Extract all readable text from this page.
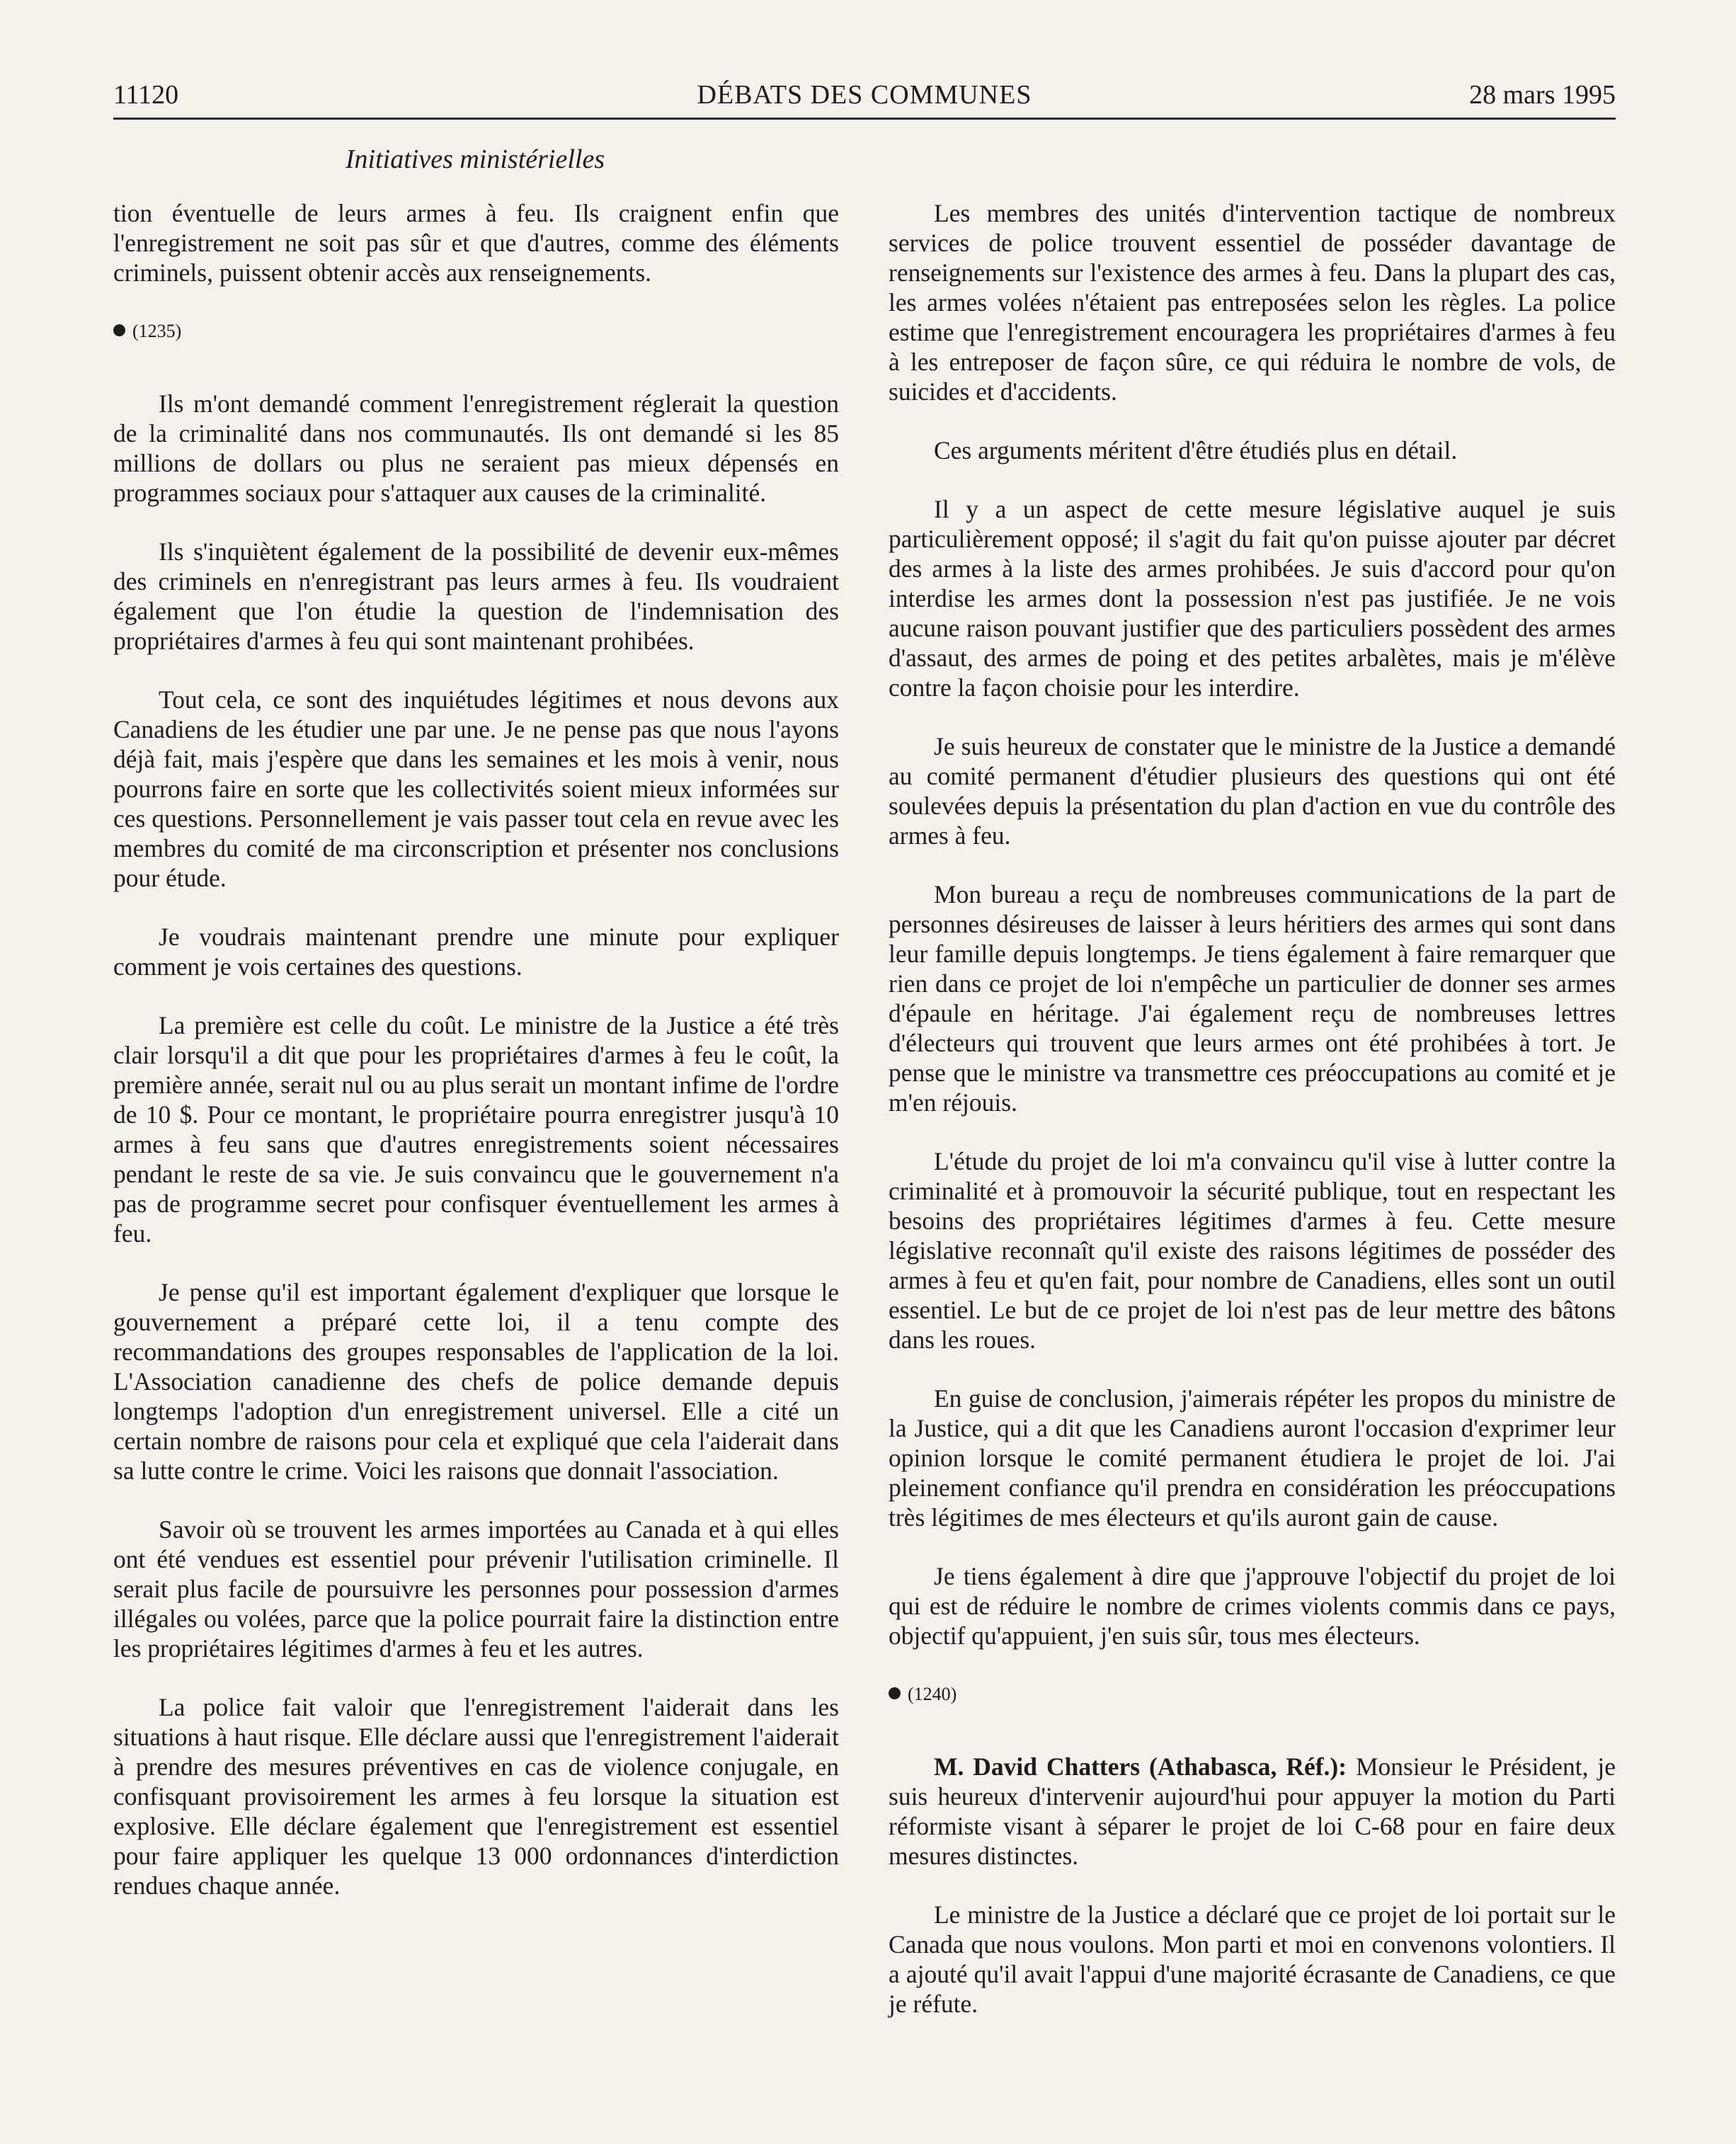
11120	DÉBATS DES COMMUNES	28 mars 1995
Initiatives ministérielles

tion éventuelle de leurs armes à feu. Ils craignent enfin que l'enregistrement ne soit pas sûr et que d'autres, comme des éléments criminels, puissent obtenir accès aux renseignements.

(1235)

Ils m'ont demandé comment l'enregistrement réglerait la question de la criminalité dans nos communautés. Ils ont demandé si les 85 millions de dollars ou plus ne seraient pas mieux dépensés en programmes sociaux pour s'attaquer aux causes de la criminalité.

Ils s'inquiètent également de la possibilité de devenir eux-mêmes des criminels en n'enregistrant pas leurs armes à feu. Ils voudraient également que l'on étudie la question de l'indemnisation des propriétaires d'armes à feu qui sont maintenant prohibées.

Tout cela, ce sont des inquiétudes légitimes et nous devons aux Canadiens de les étudier une par une. Je ne pense pas que nous l'ayons déjà fait, mais j'espère que dans les semaines et les mois à venir, nous pourrons faire en sorte que les collectivités soient mieux informées sur ces questions. Personnellement je vais passer tout cela en revue avec les membres du comité de ma circonscription et présenter nos conclusions pour étude.

Je voudrais maintenant prendre une minute pour expliquer comment je vois certaines des questions.

La première est celle du coût. Le ministre de la Justice a été très clair lorsqu'il a dit que pour les propriétaires d'armes à feu le coût, la première année, serait nul ou au plus serait un montant infime de l'ordre de 10 $. Pour ce montant, le propriétaire pourra enregistrer jusqu'à 10 armes à feu sans que d'autres enregistrements soient nécessaires pendant le reste de sa vie. Je suis convaincu que le gouvernement n'a pas de programme secret pour confisquer éventuellement les armes à feu.

Je pense qu'il est important également d'expliquer que lorsque le gouvernement a préparé cette loi, il a tenu compte des recommandations des groupes responsables de l'application de la loi. L'Association canadienne des chefs de police demande depuis longtemps l'adoption d'un enregistrement universel. Elle a cité un certain nombre de raisons pour cela et expliqué que cela l'aiderait dans sa lutte contre le crime. Voici les raisons que donnait l'association.

Savoir où se trouvent les armes importées au Canada et à qui elles ont été vendues est essentiel pour prévenir l'utilisation criminelle. Il serait plus facile de poursuivre les personnes pour possession d'armes illégales ou volées, parce que la police pourrait faire la distinction entre les propriétaires légitimes d'armes à feu et les autres.

La police fait valoir que l'enregistrement l'aiderait dans les situations à haut risque. Elle déclare aussi que l'enregistrement l'aiderait à prendre des mesures préventives en cas de violence conjugale, en confisquant provisoirement les armes à feu lorsque la situation est explosive. Elle déclare également que l'enregistrement est essentiel pour faire appliquer les quelque 13 000 ordonnances d'interdiction rendues chaque année.

Les membres des unités d'intervention tactique de nombreux services de police trouvent essentiel de posséder davantage de renseignements sur l'existence des armes à feu. Dans la plupart des cas, les armes volées n'étaient pas entreposées selon les règles. La police estime que l'enregistrement encouragera les propriétaires d'armes à feu à les entreposer de façon sûre, ce qui réduira le nombre de vols, de suicides et d'accidents.

Ces arguments méritent d'être étudiés plus en détail.

Il y a un aspect de cette mesure législative auquel je suis particulièrement opposé; il s'agit du fait qu'on puisse ajouter par décret des armes à la liste des armes prohibées. Je suis d'accord pour qu'on interdise les armes dont la possession n'est pas justifiée. Je ne vois aucune raison pouvant justifier que des particuliers possèdent des armes d'assaut, des armes de poing et des petites arbalètes, mais je m'élève contre la façon choisie pour les interdire.

Je suis heureux de constater que le ministre de la Justice a demandé au comité permanent d'étudier plusieurs des questions qui ont été soulevées depuis la présentation du plan d'action en vue du contrôle des armes à feu.

Mon bureau a reçu de nombreuses communications de la part de personnes désireuses de laisser à leurs héritiers des armes qui sont dans leur famille depuis longtemps. Je tiens également à faire remarquer que rien dans ce projet de loi n'empêche un particulier de donner ses armes d'épaule en héritage. J'ai également reçu de nombreuses lettres d'électeurs qui trouvent que leurs armes ont été prohibées à tort. Je pense que le ministre va transmettre ces préoccupations au comité et je m'en réjouis.

L'étude du projet de loi m'a convaincu qu'il vise à lutter contre la criminalité et à promouvoir la sécurité publique, tout en respectant les besoins des propriétaires légitimes d'armes à feu. Cette mesure législative reconnaît qu'il existe des raisons légitimes de posséder des armes à feu et qu'en fait, pour nombre de Canadiens, elles sont un outil essentiel. Le but de ce projet de loi n'est pas de leur mettre des bâtons dans les roues.

En guise de conclusion, j'aimerais répéter les propos du ministre de la Justice, qui a dit que les Canadiens auront l'occasion d'exprimer leur opinion lorsque le comité permanent étudiera le projet de loi. J'ai pleinement confiance qu'il prendra en considération les préoccupations très légitimes de mes électeurs et qu'ils auront gain de cause.

Je tiens également à dire que j'approuve l'objectif du projet de loi qui est de réduire le nombre de crimes violents commis dans ce pays, objectif qu'appuient, j'en suis sûr, tous mes électeurs.

(1240)

M. David Chatters (Athabasca, Réf.): Monsieur le Président, je suis heureux d'intervenir aujourd'hui pour appuyer la motion du Parti réformiste visant à séparer le projet de loi C-68 pour en faire deux mesures distinctes.

Le ministre de la Justice a déclaré que ce projet de loi portait sur le Canada que nous voulons. Mon parti et moi en convenons volontiers. Il a ajouté qu'il avait l'appui d'une majorité écrasante de Canadiens, ce que je réfute.
